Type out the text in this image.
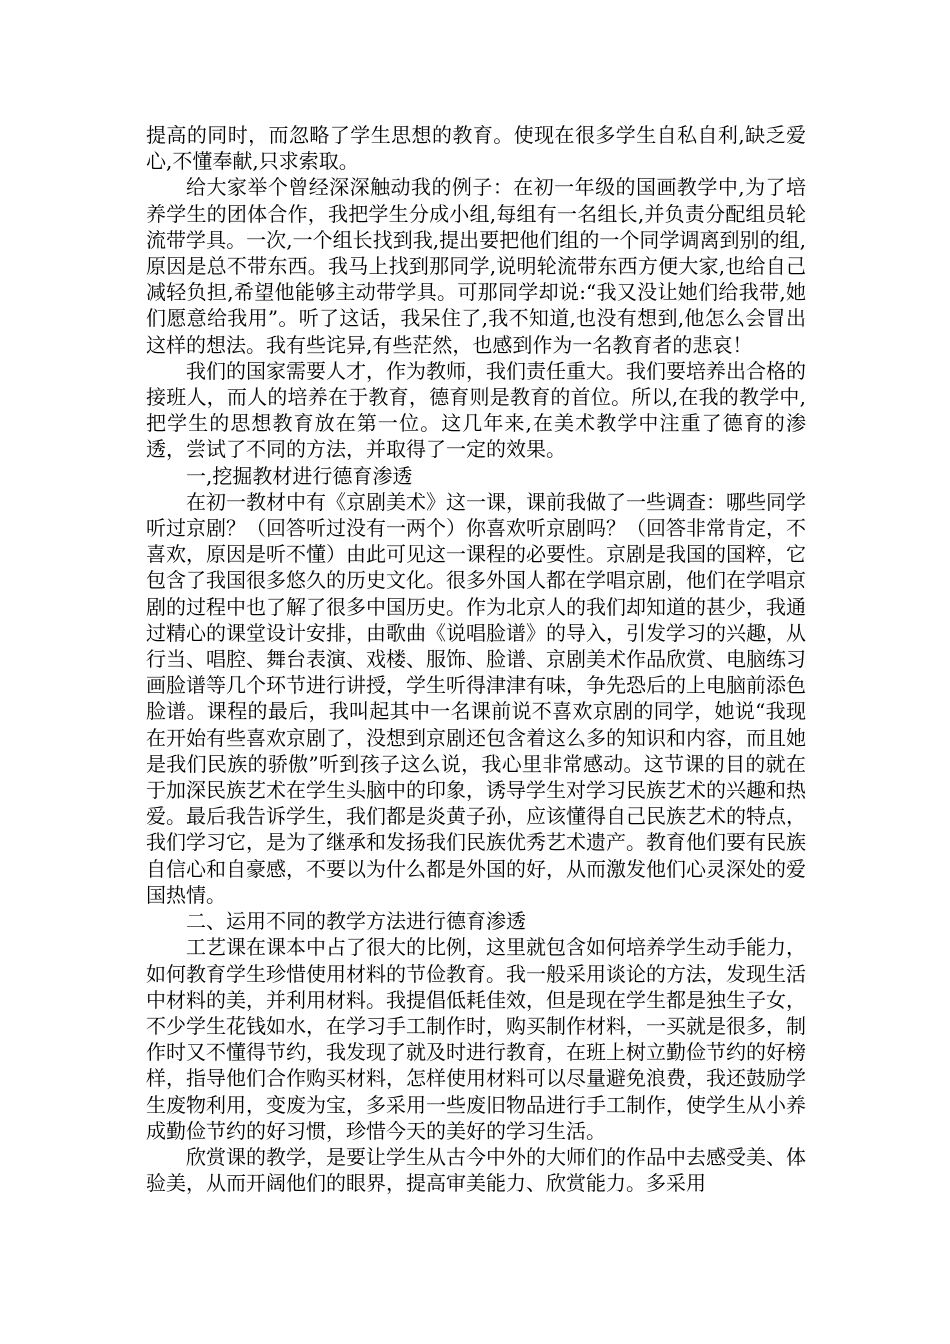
提高的同时，而忽略了学生思想的教育。使现在很多学生自私自利,缺乏爱心,不懂奉献,只求索取。

给大家举个曾经深深触动我的例子：在初一年级的国画教学中,为了培养学生的团体合作，我把学生分成小组,每组有一名组长,并负责分配组员轮流带学具。一次,一个组长找到我,提出要把他们组的一个同学调离到别的组,原因是总不带东西。我马上找到那同学,说明轮流带东西方便大家,也给自己减轻负担,希望他能够主动带学具。可那同学却说:“我又没让她们给我带,她们愿意给我用”。听了这话，我呆住了,我不知道,也没有想到,他怎么会冒出这样的想法。我有些诧异,有些茫然，也感到作为一名教育者的悲哀！

我们的国家需要人才，作为教师，我们责任重大。我们要培养出合格的接班人，而人的培养在于教育，德育则是教育的首位。所以,在我的教学中,把学生的思想教育放在第一位。这几年来,在美术教学中注重了德育的渗透，尝试了不同的方法，并取得了一定的效果。

一,挖掘教材进行德育渗透

在初一教材中有《京剧美术》这一课，课前我做了一些调查：哪些同学听过京剧？（回答听过没有一两个）你喜欢听京剧吗？（回答非常肯定，不喜欢，原因是听不懂）由此可见这一课程的必要性。京剧是我国的国粹，它包含了我国很多悠久的历史文化。很多外国人都在学唱京剧，他们在学唱京剧的过程中也了解了很多中国历史。作为北京人的我们却知道的甚少，我通过精心的课堂设计安排，由歌曲《说唱脸谱》的导入，引发学习的兴趣，从行当、唱腔、舞台表演、戏楼、服饰、脸谱、京剧美术作品欣赏、电脑练习画脸谱等几个环节进行讲授，学生听得津津有味，争先恐后的上电脑前添色脸谱。课程的最后，我叫起其中一名课前说不喜欢京剧的同学，她说“我现在开始有些喜欢京剧了，没想到京剧还包含着这么多的知识和内容，而且她是我们民族的骄傲”听到孩子这么说，我心里非常感动。这节课的目的就在于加深民族艺术在学生头脑中的印象，诱导学生对学习民族艺术的兴趣和热爱。最后我告诉学生，我们都是炎黄子孙，应该懂得自己民族艺术的特点，我们学习它，是为了继承和发扬我们民族优秀艺术遗产。教育他们要有民族自信心和自豪感，不要以为什么都是外国的好，从而激发他们心灵深处的爱国热情。

二、运用不同的教学方法进行德育渗透

工艺课在课本中占了很大的比例，这里就包含如何培养学生动手能力，如何教育学生珍惜使用材料的节俭教育。我一般采用谈论的方法，发现生活中材料的美，并利用材料。我提倡低耗佳效，但是现在学生都是独生子女，不少学生花钱如水，在学习手工制作时，购买制作材料，一买就是很多，制作时又不懂得节约，我发现了就及时进行教育，在班上树立勤俭节约的好榜样，指导他们合作购买材料，怎样使用材料可以尽量避免浪费，我还鼓励学生废物利用，变废为宝，多采用一些废旧物品进行手工制作，使学生从小养成勤俭节约的好习惯，珍惜今天的美好的学习生活。

欣赏课的教学，是要让学生从古今中外的大师们的作品中去感受美、体验美，从而开阔他们的眼界，提高审美能力、欣赏能力。多采用
